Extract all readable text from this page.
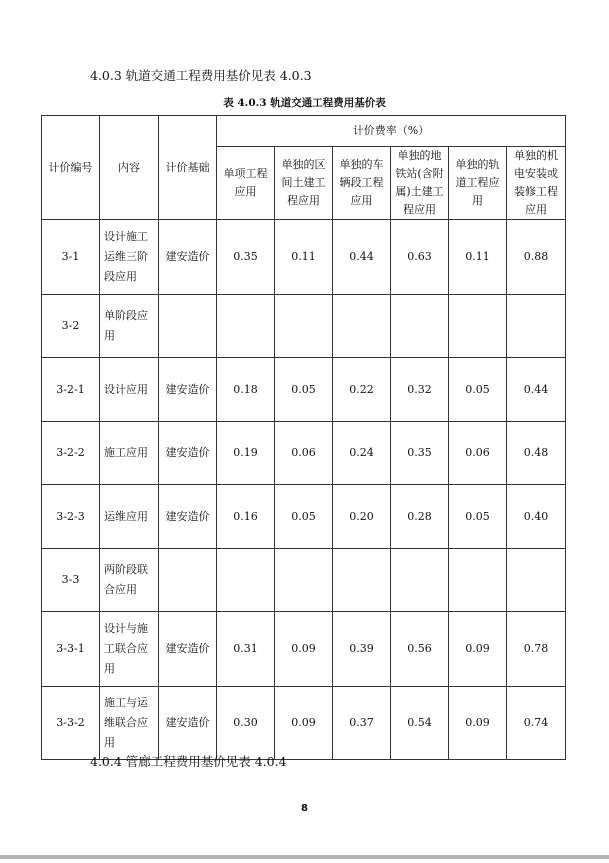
4.0.3 轨道交通工程费用基价见表 4.0.3
表 4.0.3 轨道交通工程费用基价表
计价编号	内容	计价基础	计价费率（%）					
			单项工程应用	单独的区间土建工程应用	单独的车辆段工程应用	单独的地铁站(含附属)土建工程应用	单独的轨道工程应用	单独的机电安装或装修工程应用
3-1	设计施工运维三阶段应用	建安造价	0.35	0.11	0.44	0.63	0.11	0.88
3-2	单阶段应用							
3-2-1	设计应用	建安造价	0.18	0.05	0.22	0.32	0.05	0.44
3-2-2	施工应用	建安造价	0.19	0.06	0.24	0.35	0.06	0.48
3-2-3	运维应用	建安造价	0.16	0.05	0.20	0.28	0.05	0.40
3-3	两阶段联合应用							
3-3-1	设计与施工联合应用	建安造价	0.31	0.09	0.39	0.56	0.09	0.78
3-3-2	施工与运维联合应用	建安造价	0.30	0.09	0.37	0.54	0.09	0.74
4.0.4 管廊工程费用基价见表 4.0.4
8
